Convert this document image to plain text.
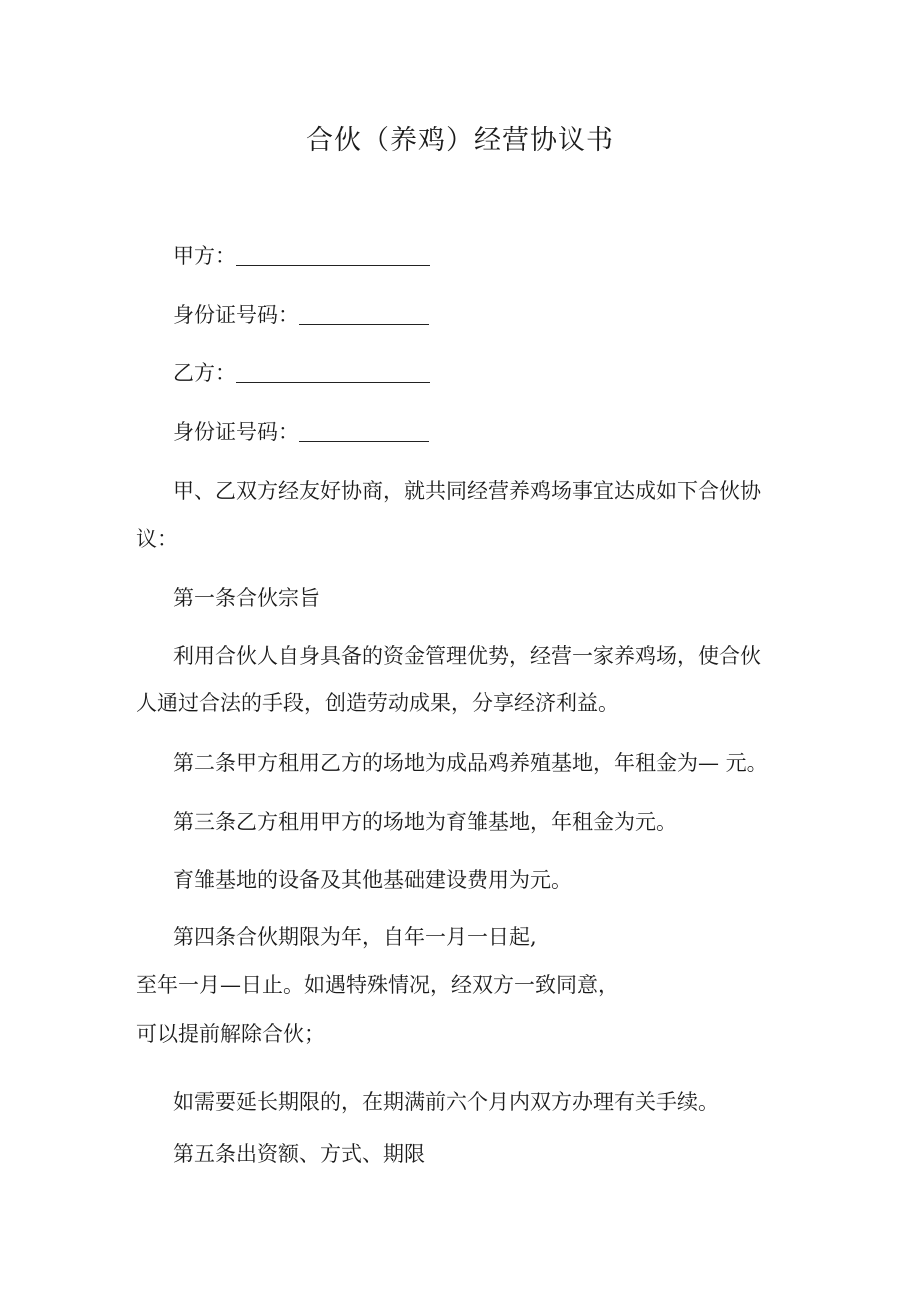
合伙（养鸡）经营协议书
甲方：
身份证号码：
乙方：
身份证号码：
甲、乙双方经友好协商，就共同经营养鸡场事宜达成如下合伙协
议：
第一条合伙宗旨
利用合伙人自身具备的资金管理优势，经营一家养鸡场，使合伙
人通过合法的手段，创造劳动成果，分享经济利益。
第二条甲方租用乙方的场地为成品鸡养殖基地，年租金为— 元。
第三条乙方租用甲方的场地为育雏基地，年租金为元。
育雏基地的设备及其他基础建设费用为元。
第四条合伙期限为年，自年一月一日起,
至年一月—日止。如遇特殊情况，经双方一致同意，
可以提前解除合伙；
如需要延长期限的，在期满前六个月内双方办理有关手续。
第五条出资额、方式、期限
